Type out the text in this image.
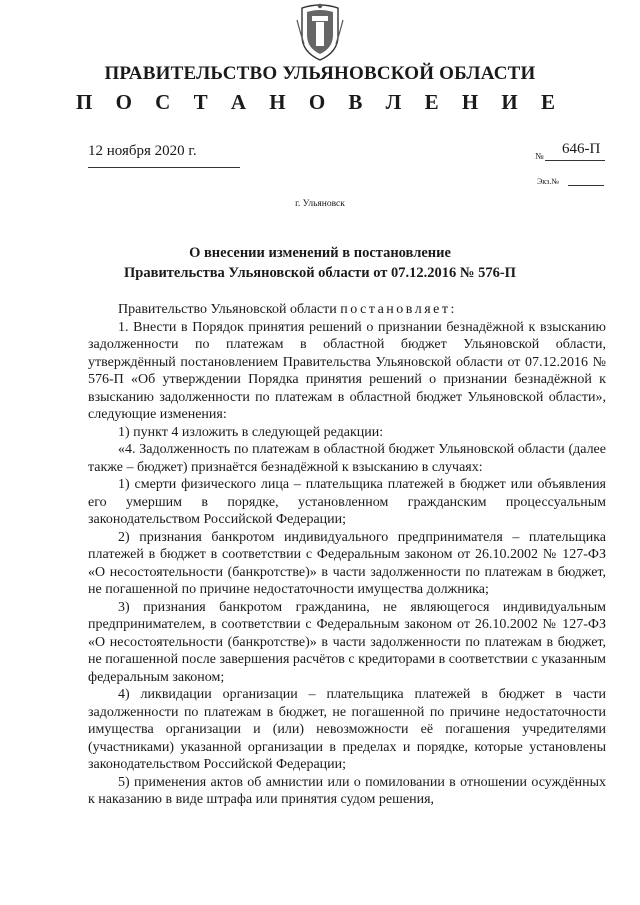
ПРАВИТЕЛЬСТВО УЛЬЯНОВСКОЙ ОБЛАСТИ
П О С Т А Н О В Л Е Н И Е
12 ноября 2020 г.	№ 646-П
Экз.№
г. Ульяновск
О внесении изменений в постановление
Правительства Ульяновской области от 07.12.2016 № 576-П

Правительство Ульяновской области постановляет:

1. Внести в Порядок принятия решений о признании безнадёжной к взысканию задолженности по платежам в областной бюджет Ульяновской области, утверждённый постановлением Правительства Ульяновской области от 07.12.2016 № 576-П «Об утверждении Порядка принятия решений о признании безнадёжной к взысканию задолженности по платежам в областной бюджет Ульяновской области», следующие изменения:

1) пункт 4 изложить в следующей редакции:

«4. Задолженность по платежам в областной бюджет Ульяновской области (далее также – бюджет) признаётся безнадёжной к взысканию в случаях:

1) смерти физического лица – плательщика платежей в бюджет или объявления его умершим в порядке, установленном гражданским процессуальным законодательством Российской Федерации;

2) признания банкротом индивидуального предпринимателя – плательщика платежей в бюджет в соответствии с Федеральным законом от 26.10.2002 № 127-ФЗ «О несостоятельности (банкротстве)» в части задолженности по платежам в бюджет, не погашенной по причине недостаточности имущества должника;

3) признания банкротом гражданина, не являющегося индивидуальным предпринимателем, в соответствии с Федеральным законом от 26.10.2002 № 127-ФЗ «О несостоятельности (банкротстве)» в части задолженности по платежам в бюджет, не погашенной после завершения расчётов с кредиторами в соответствии с указанным федеральным законом;

4) ликвидации организации – плательщика платежей в бюджет в части задолженности по платежам в бюджет, не погашенной по причине недостаточности имущества организации и (или) невозможности её погашения учредителями (участниками) указанной организации в пределах и порядке, которые установлены законодательством Российской Федерации;

5) применения актов об амнистии или о помиловании в отношении осуждённых к наказанию в виде штрафа или принятия судом решения,
